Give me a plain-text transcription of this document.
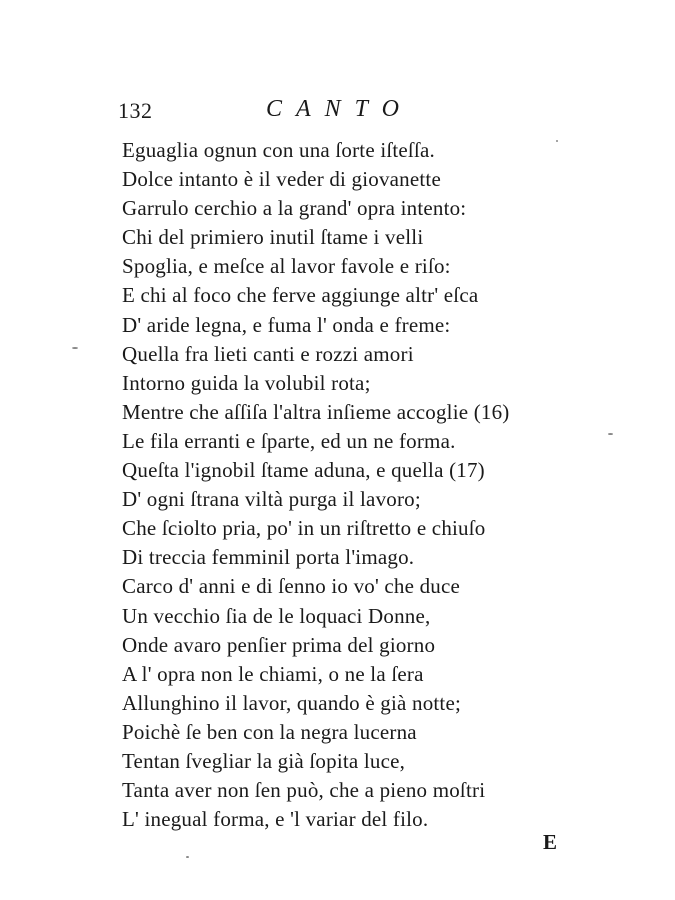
132	CANTO
Eguaglia ognun con una ſorte iſteſſa.
Dolce intanto è il veder di giovanette
Garrulo cerchio a la grand' opra intento:
Chi del primiero inutil ſtame i velli
Spoglia, e meſce al lavor favole e riſo:
E chi al foco che ferve aggiunge altr' eſca
D' aride legna, e fuma l' onda e freme:
Quella fra lieti canti e rozzi amori
Intorno guida la volubil rota;
Mentre che aſſiſa l'altra inſieme accoglie (16)
Le fila erranti e ſparte, ed un ne forma.
Queſta l'ignobil ſtame aduna, e quella (17)
D' ogni ſtrana viltà purga il lavoro;
Che ſciolto pria, po' in un riſtretto e chiuſo
Di treccia femminil porta l'imago.
Carco d' anni e di ſenno io vo' che duce
Un vecchio ſia de le loquaci Donne,
Onde avaro penſier prima del giorno
A l' opra non le chiami, o ne la ſera
Allunghino il lavor, quando è già notte;
Poichè ſe ben con la negra lucerna
Tentan ſvegliar la già ſopita luce,
Tanta aver non ſen può, che a pieno moſtri
L' inegual forma, e 'l variar del filo.
E
